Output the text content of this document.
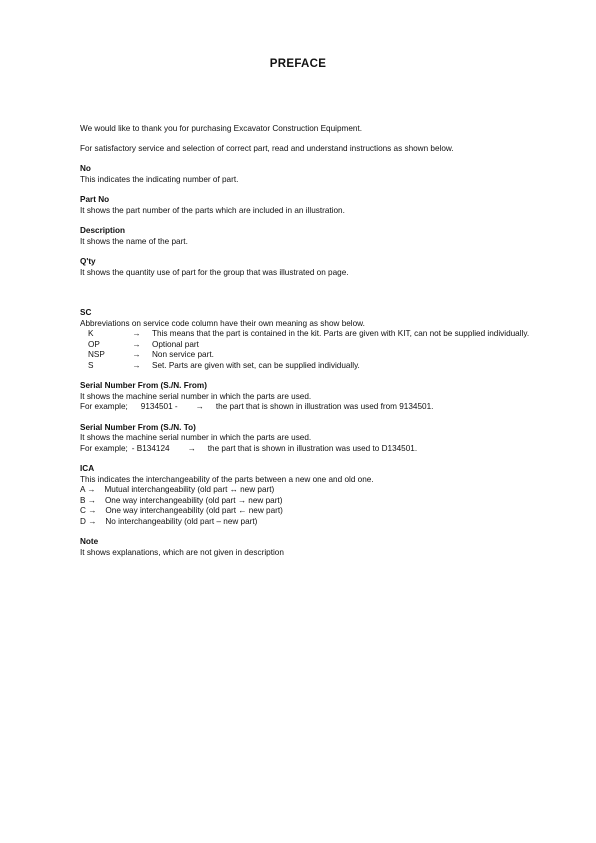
PREFACE

We would like to thank you for purchasing Excavator Construction Equipment.

For satisfactory service and selection of correct part, read and understand instructions as shown below.

No

This indicates the indicating number of part.

Part No

It shows the part number of the parts which are included in an illustration.

Description

It shows the name of the part.

Q'ty

It shows the quantity use of part for the group that was illustrated on page.

SC

Abbreviations on service code column have their own meaning as show below.

K	→	This means that the part is contained in the kit. Parts are given with KIT, can not be supplied individually.
OP	→	Optional part
NSP	→	Non service part.
S	→	Set. Parts are given with set, can be supplied individually.

Serial Number From (S./N. From)

It shows the machine serial number in which the parts are used.

For example; 9134501 - → the part that is shown in illustration was used from 9134501.

Serial Number From (S./N. To)

It shows the machine serial number in which the parts are used.

For example; - B134124 → the part that is shown in illustration was used to D134501.

ICA

This indicates the interchangeability of the parts between a new one and old one.

A → Mutual interchangeability (old part ↔ new part)

B → One way interchangeability (old part → new part)

C → One way interchangeability (old part ← new part)

D → No interchangeability (old part – new part)

Note

It shows explanations, which are not given in description
